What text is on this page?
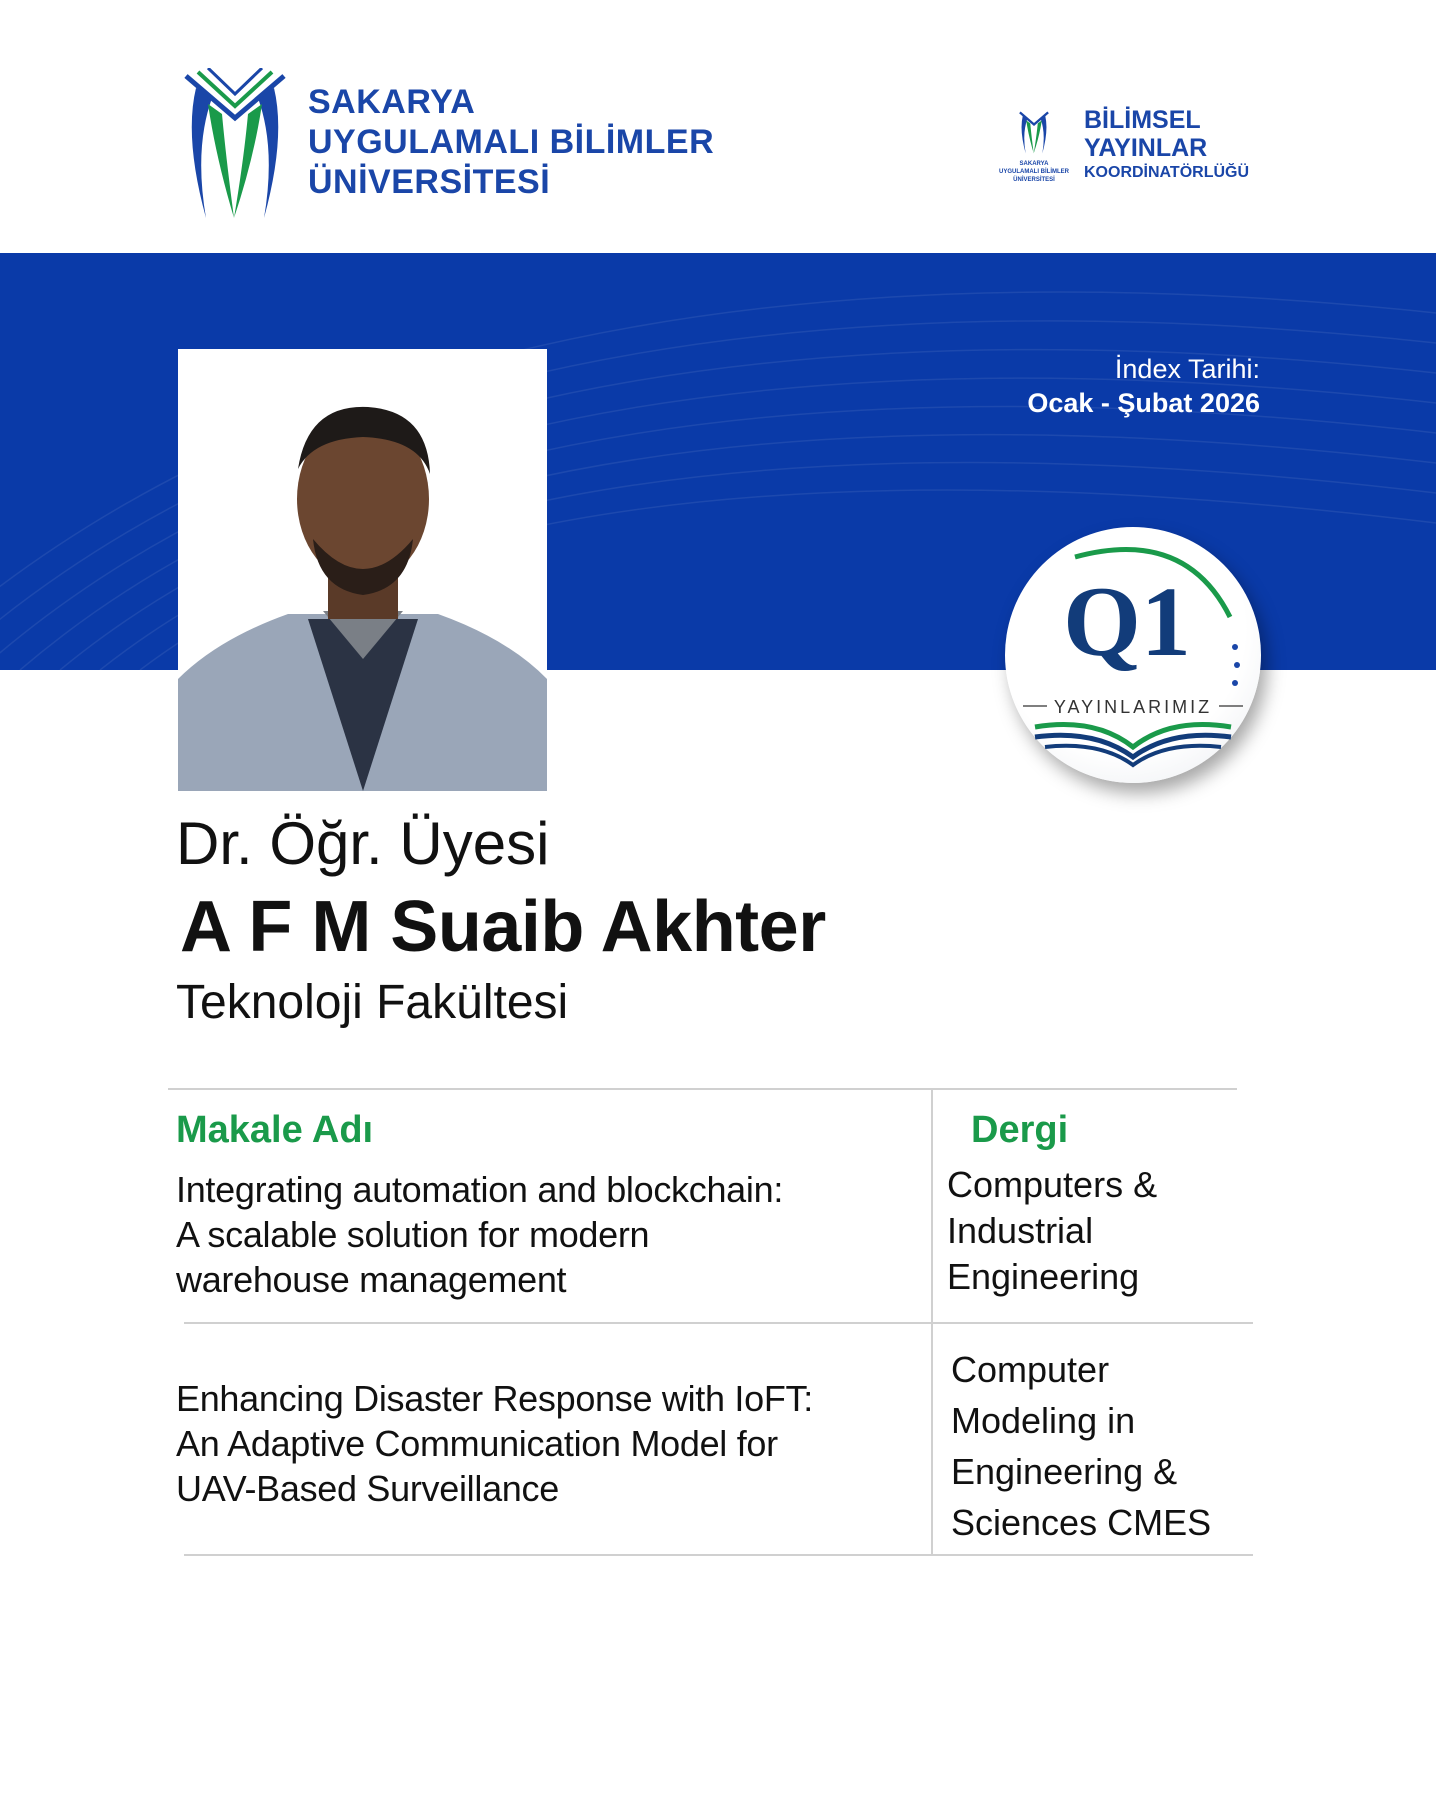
SAKARYA
UYGULAMALI BİLİMLER
ÜNİVERSİTESİ	SAKARYA
UYGULAMALI BİLİMLER
ÜNİVERSİTESİ
BİLİMSEL
YAYINLAR
KOORDİNATÖRLÜĞÜ
İndex Tarihi:
Ocak - Şubat 2026
Q1
YAYINLARIMIZ
Dr. Öğr. Üyesi
A F M Suaib Akhter
Teknoloji Fakültesi
Makale Adı	Dergi
Integrating automation and blockchain:
A scalable solution for modern
warehouse management
Computers &
Industrial
Engineering
Enhancing Disaster Response with IoFT:
An Adaptive Communication Model for
UAV-Based Surveillance
Computer
Modeling in
Engineering &
Sciences CMES
